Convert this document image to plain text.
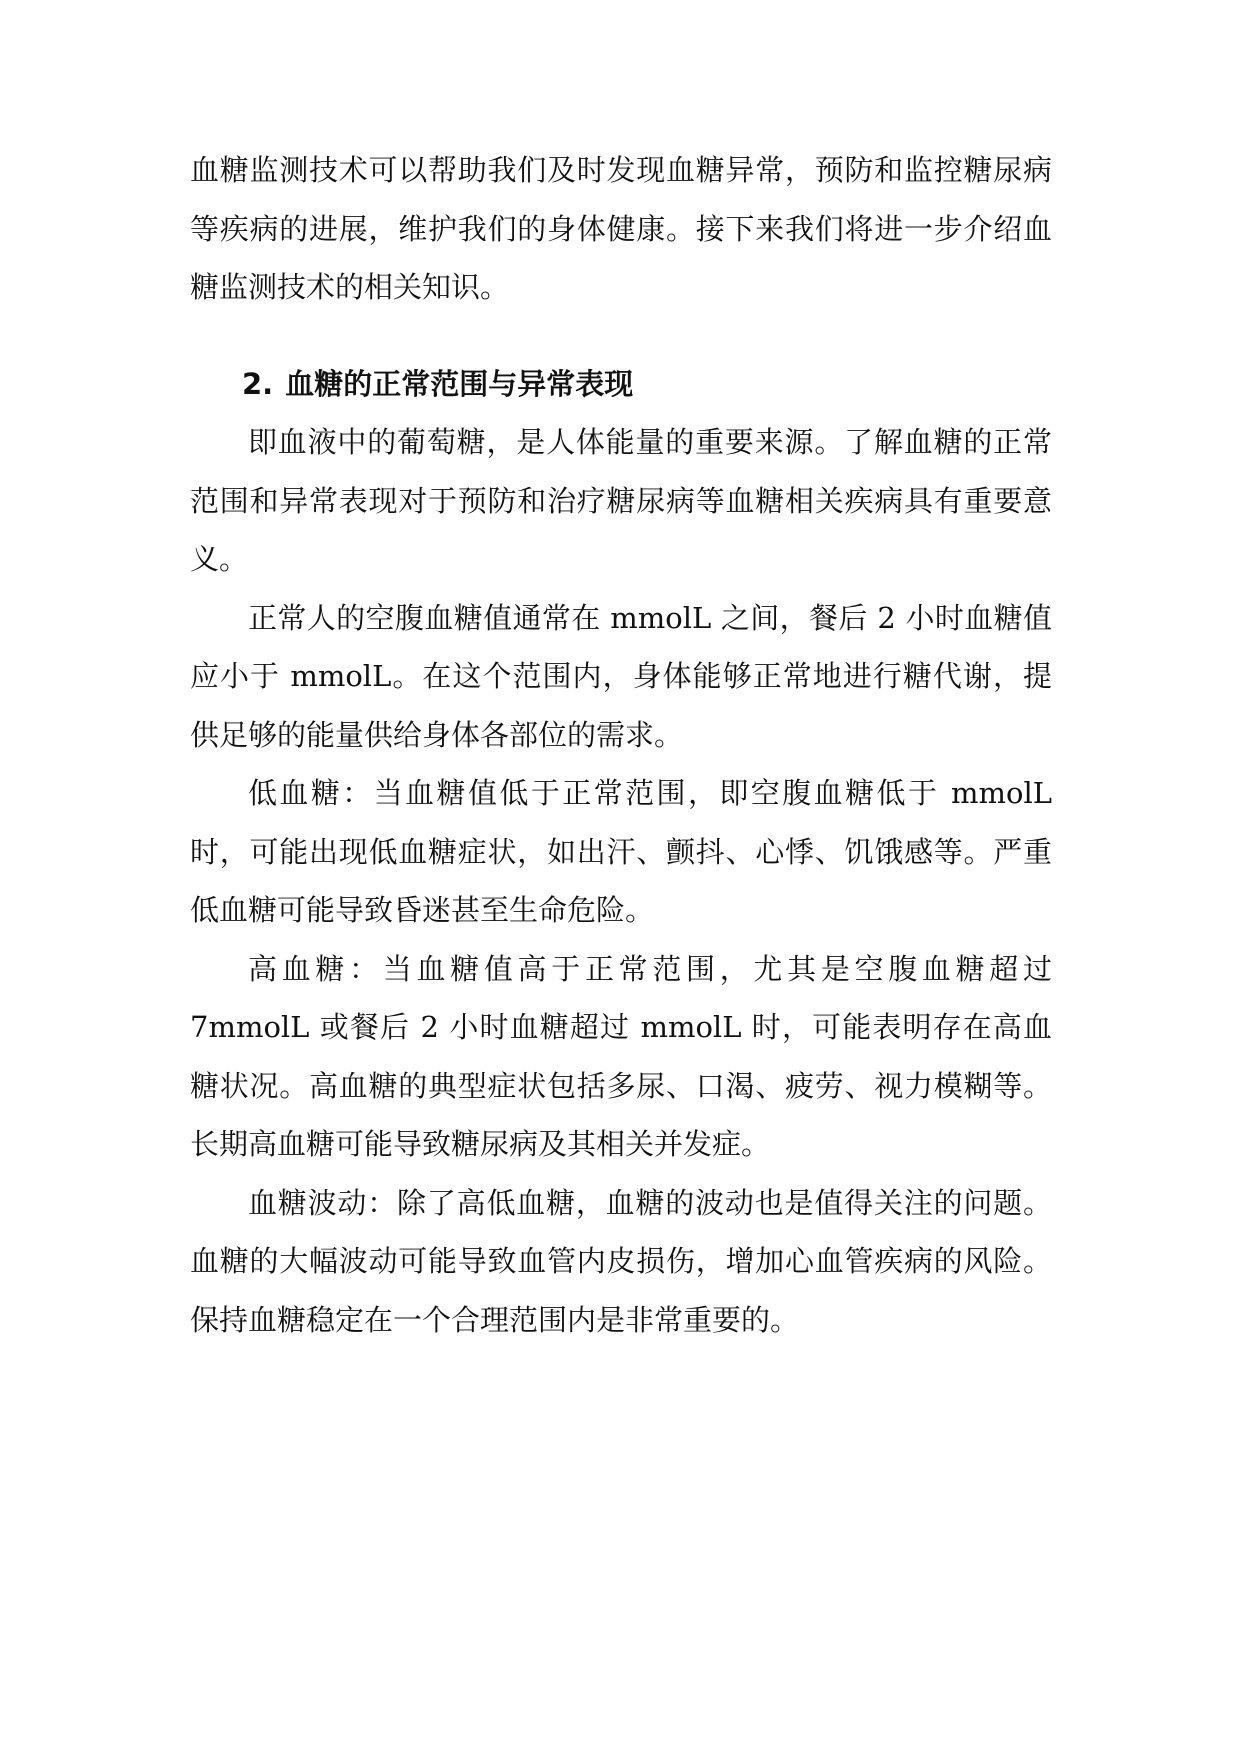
血糖监测技术可以帮助我们及时发现血糖异常，预防和监控糖尿病等疾病的进展，维护我们的身体健康。接下来我们将进一步介绍血糖监测技术的相关知识。

2. 血糖的正常范围与异常表现

即血液中的葡萄糖，是人体能量的重要来源。了解血糖的正常范围和异常表现对于预防和治疗糖尿病等血糖相关疾病具有重要意义。

正常人的空腹血糖值通常在 mmolL 之间，餐后 2 小时血糖值应小于 mmolL。在这个范围内，身体能够正常地进行糖代谢，提供足够的能量供给身体各部位的需求。

低血糖：当血糖值低于正常范围，即空腹血糖低于 mmolL 时，可能出现低血糖症状，如出汗、颤抖、心悸、饥饿感等。严重低血糖可能导致昏迷甚至生命危险。

高血糖：当血糖值高于正常范围，尤其是空腹血糖超过 7mmolL 或餐后 2 小时血糖超过 mmolL 时，可能表明存在高血糖状况。高血糖的典型症状包括多尿、口渴、疲劳、视力模糊等。长期高血糖可能导致糖尿病及其相关并发症。

血糖波动：除了高低血糖，血糖的波动也是值得关注的问题。血糖的大幅波动可能导致血管内皮损伤，增加心血管疾病的风险。保持血糖稳定在一个合理范围内是非常重要的。
